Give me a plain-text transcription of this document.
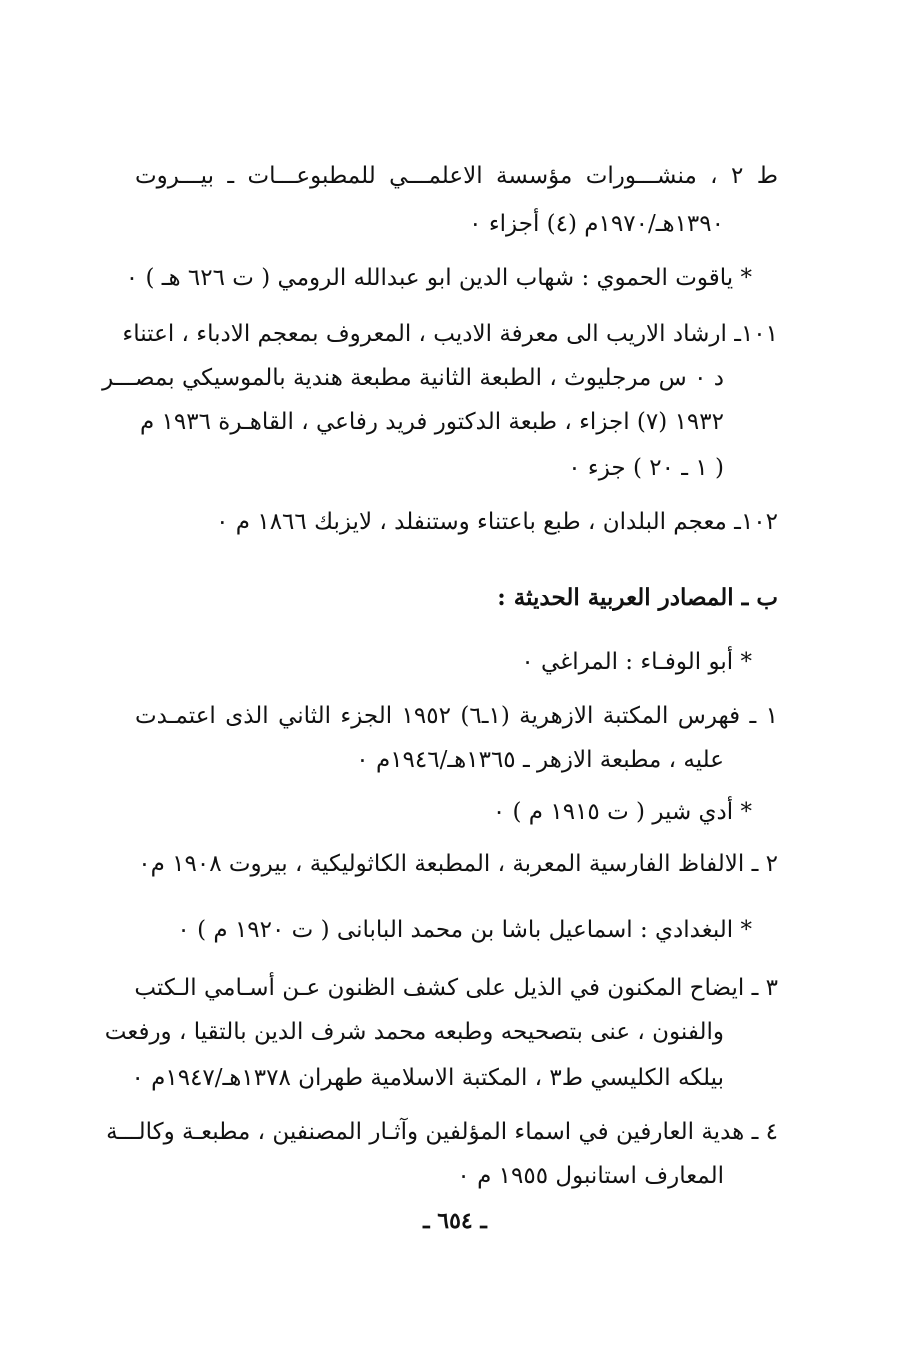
ط ٢ ، منشـــورات مؤسسة الاعلمـــي للمطبوعـــات ـ بيـــروت
١٣٩٠هـ/١٩٧٠م (٤) أجزاء ٠
* ياقوت الحموي : شهاب الدين ابو عبدالله الرومي ( ت ٦٢٦ هـ ) ٠
١٠١ـ ارشاد الاريب الى معرفة الاديب ، المعروف بمعجم الادباء ، اعتناء
د ٠ س مرجليوث ، الطبعة الثانية مطبعة هندية بالموسيكي بمصـــر
١٩٣٢ (٧) اجزاء ، طبعة الدكتور فريد رفاعي ، القاهـرة ١٩٣٦ م
( ١ ـ ٢٠ ) جزء ٠
١٠٢ـ معجم البلدان ، طبع باعتناء وستنفلد ، لايزبك ١٨٦٦ م ٠
ب ـ المصادر العربية الحديثة :
* أبو الوفـاء : المراغي ٠
١ ـ فهرس المكتبة الازهرية (١ـ٦) ١٩٥٢ الجزء الثاني الذى اعتمـدت
عليه ، مطبعة الازهر ـ ١٣٦٥هـ/١٩٤٦م ٠
* أدي شير ( ت ١٩١٥ م ) ٠
٢ ـ الالفاظ الفارسية المعربة ، المطبعة الكاثوليكية ، بيروت ١٩٠٨ م٠
* البغدادي : اسماعيل باشا بن محمد البابانى ( ت ١٩٢٠ م ) ٠
٣ ـ ايضاح المكنون في الذيل على كشف الظنون عـن أسـامي الـكتب
والفنون ، عنى بتصحيحه وطبعه محمد شرف الدين بالتقيا ، ورفعت
بيلكه الكليسي ط٣ ، المكتبة الاسلامية طهران ١٣٧٨هـ/١٩٤٧م ٠
٤ ـ هدية العارفين في اسماء المؤلفين وآثـار المصنفين ، مطبعـة وكالـــة
المعارف استانبول ١٩٥٥ م ٠
ـ ٦٥٤ ـ
